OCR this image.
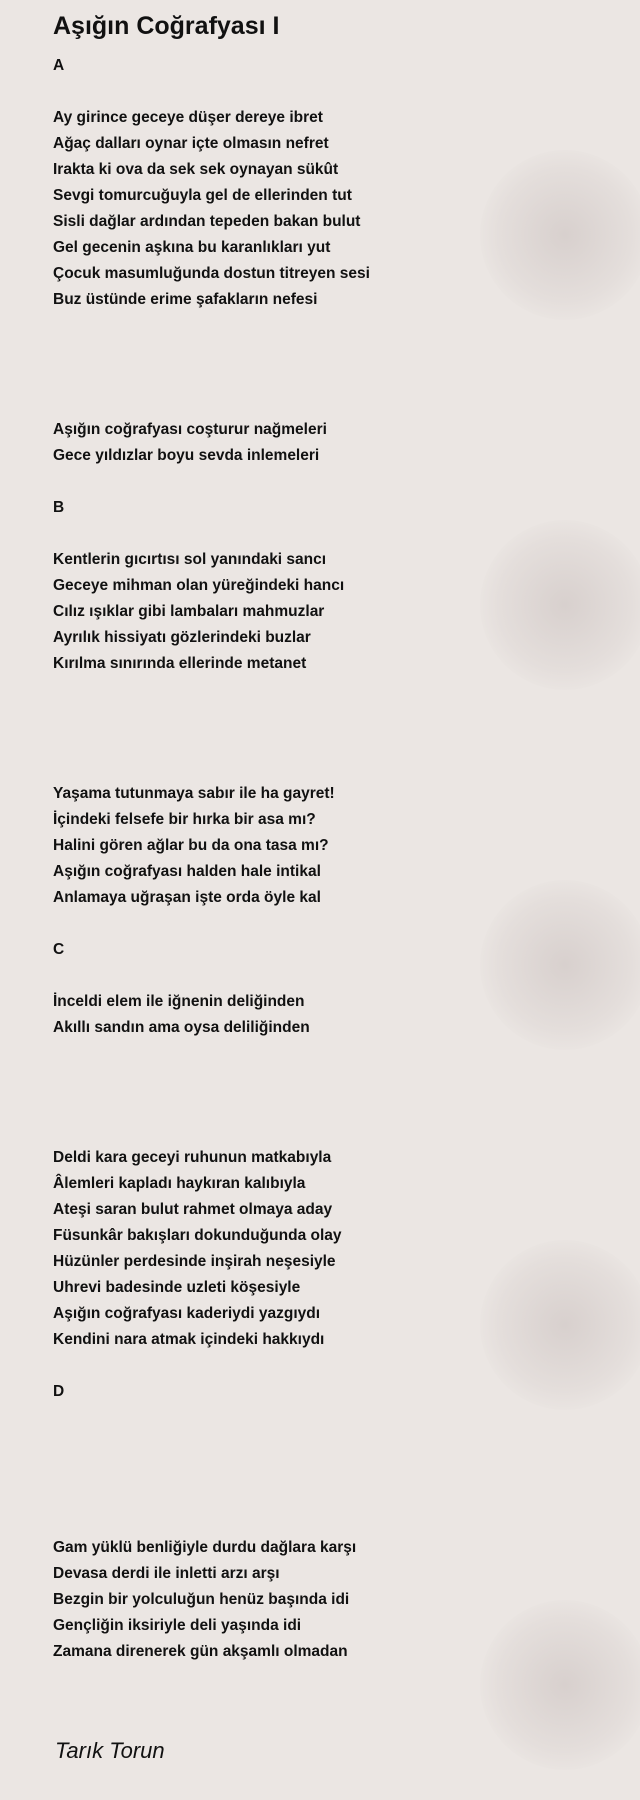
Aşığın Coğrafyası I
A
Ay girince geceye düşer dereye ibret
Ağaç dalları oynar içte olmasın nefret
Irakta ki ova da sek sek oynayan sükût
Sevgi tomurcuğuyla gel de ellerinden tut
Sisli dağlar ardından tepeden bakan bulut
Gel gecenin aşkına bu karanlıkları yut
Çocuk masumluğunda dostun titreyen sesi
Buz üstünde erime şafakların nefesi
Aşığın coğrafyası coşturur nağmeleri
Gece yıldızlar boyu sevda inlemeleri
B
Kentlerin gıcırtısı sol yanındaki sancı
Geceye mihman olan yüreğindeki hancı
Cılız ışıklar gibi lambaları mahmuzlar
Ayrılık hissiyatı gözlerindeki buzlar
Kırılma sınırında ellerinde metanet
Yaşama tutunmaya sabır ile ha gayret!
İçindeki felsefe bir hırka bir asa mı?
Halini gören ağlar bu da ona tasa mı?
Aşığın coğrafyası halden hale intikal
Anlamaya uğraşan işte orda öyle kal
C
İnceldi elem ile iğnenin deliğinden
Akıllı sandın ama oysa deliliğinden
Deldi kara geceyi ruhunun matkabıyla
Âlemleri kapladı haykıran kalıbıyla
Ateşi saran bulut rahmet olmaya aday
Füsunkâr bakışları dokunduğunda olay
Hüzünler perdesinde inşirah neşesiyle
Uhrevi badesinde uzleti köşesiyle
Aşığın coğrafyası kaderiydi yazgıydı
Kendini nara atmak içindeki hakkıydı
D
Gam yüklü benliğiyle durdu dağlara karşı
Devasa derdi ile inletti arzı arşı
Bezgin bir yolculuğun henüz başında idi
Gençliğin iksiriyle deli yaşında idi
Zamana direnerek gün akşamlı olmadan
Tarık Torun
